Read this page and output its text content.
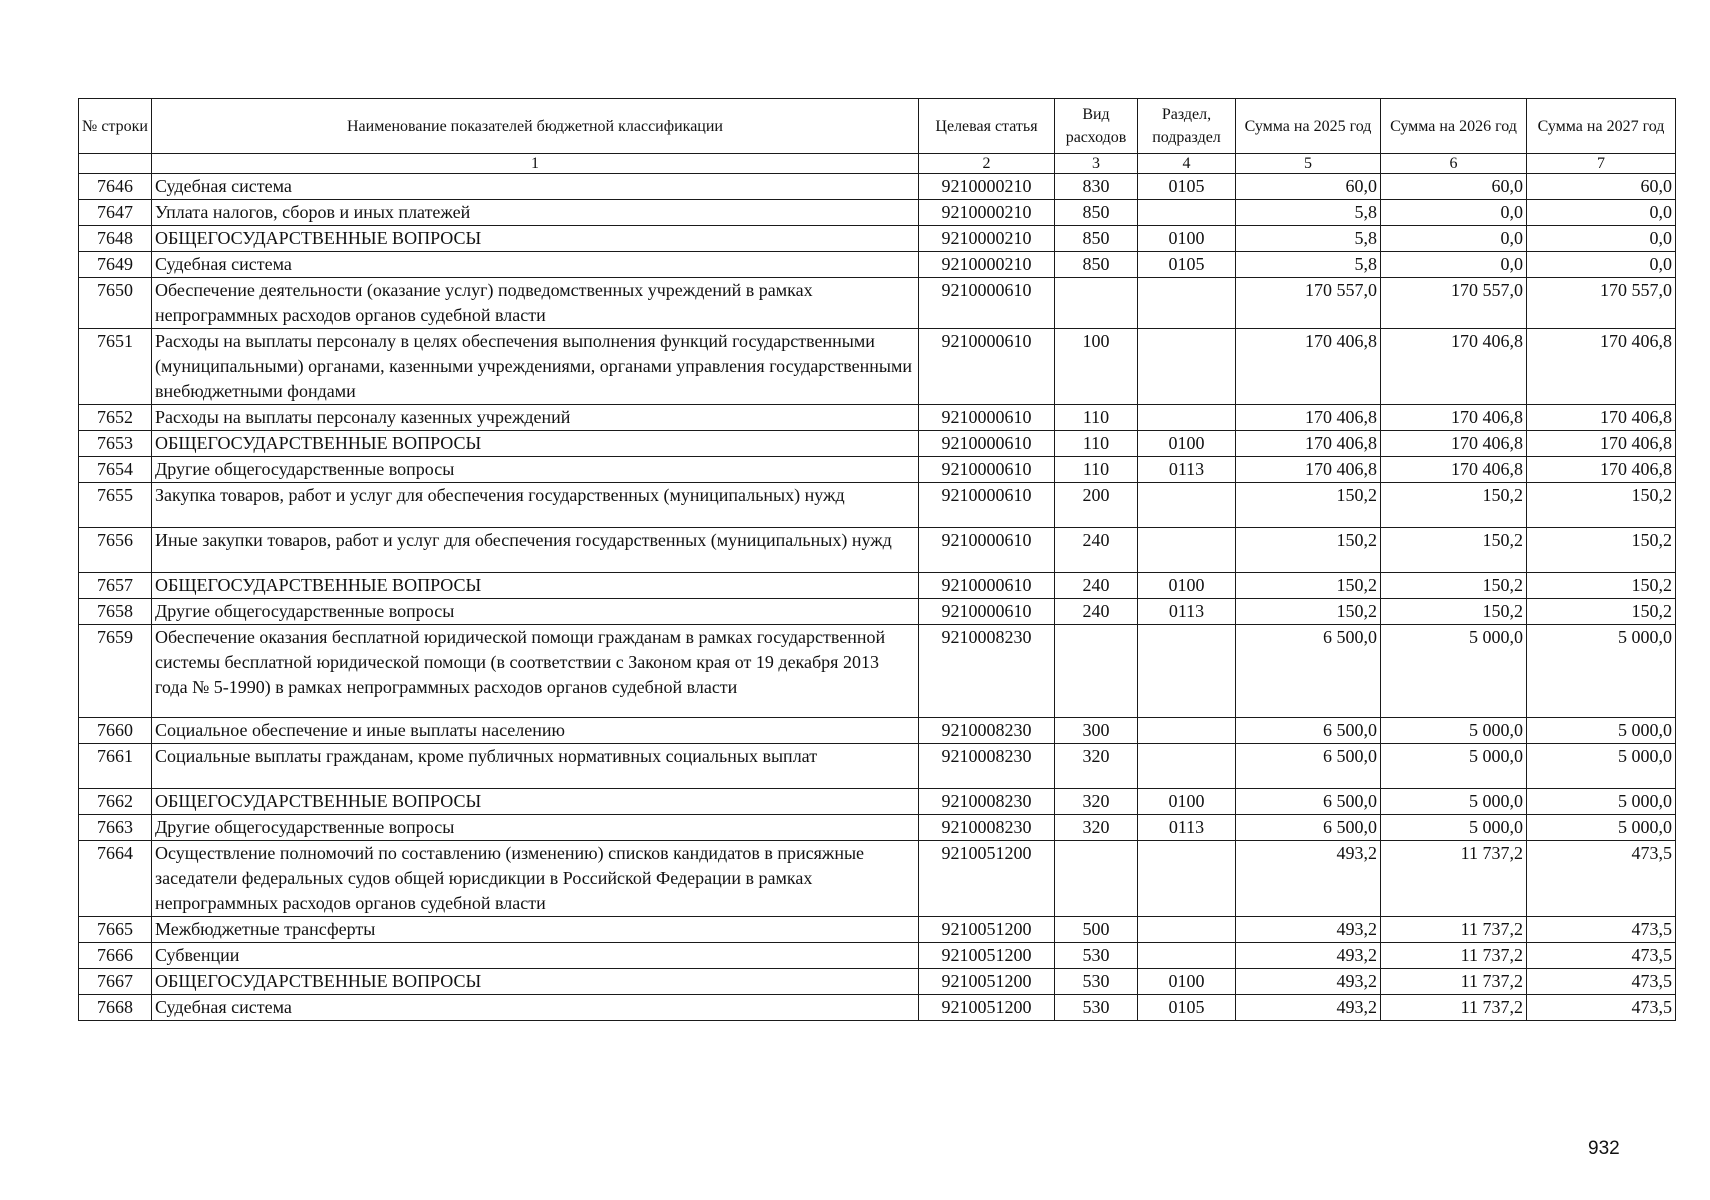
№ строки	Наименование показателей бюджетной классификации	Целевая статья	Вид расходов	Раздел, подраздел	Сумма на 2025 год	Сумма на 2026 год	Сумма на 2027 год
	1	2	3	4	5	6	7
7646	Судебная система	9210000210	830	0105	60,0	60,0	60,0
7647	Уплата налогов, сборов и иных платежей	9210000210	850		5,8	0,0	0,0
7648	ОБЩЕГОСУДАРСТВЕННЫЕ ВОПРОСЫ	9210000210	850	0100	5,8	0,0	0,0
7649	Судебная система	9210000210	850	0105	5,8	0,0	0,0
7650	Обеспечение деятельности (оказание услуг) подведомственных учреждений в рамках непрограммных расходов органов судебной власти	9210000610			170 557,0	170 557,0	170 557,0
7651	Расходы на выплаты персоналу в целях обеспечения выполнения функций государственными (муниципальными) органами, казенными учреждениями, органами управления государственными внебюджетными фондами	9210000610	100		170 406,8	170 406,8	170 406,8
7652	Расходы на выплаты персоналу казенных учреждений	9210000610	110		170 406,8	170 406,8	170 406,8
7653	ОБЩЕГОСУДАРСТВЕННЫЕ ВОПРОСЫ	9210000610	110	0100	170 406,8	170 406,8	170 406,8
7654	Другие общегосударственные вопросы	9210000610	110	0113	170 406,8	170 406,8	170 406,8
7655	Закупка товаров, работ и услуг для обеспечения государственных (муниципальных) нужд	9210000610	200		150,2	150,2	150,2
7656	Иные закупки товаров, работ и услуг для обеспечения государственных (муниципальных) нужд	9210000610	240		150,2	150,2	150,2
7657	ОБЩЕГОСУДАРСТВЕННЫЕ ВОПРОСЫ	9210000610	240	0100	150,2	150,2	150,2
7658	Другие общегосударственные вопросы	9210000610	240	0113	150,2	150,2	150,2
7659	Обеспечение оказания бесплатной юридической помощи гражданам в рамках государственной системы бесплатной юридической помощи (в соответствии с Законом края от 19 декабря 2013 года № 5-1990) в рамках непрограммных расходов органов судебной власти	9210008230			6 500,0	5 000,0	5 000,0
7660	Социальное обеспечение и иные выплаты населению	9210008230	300		6 500,0	5 000,0	5 000,0
7661	Социальные выплаты гражданам, кроме публичных нормативных социальных выплат	9210008230	320		6 500,0	5 000,0	5 000,0
7662	ОБЩЕГОСУДАРСТВЕННЫЕ ВОПРОСЫ	9210008230	320	0100	6 500,0	5 000,0	5 000,0
7663	Другие общегосударственные вопросы	9210008230	320	0113	6 500,0	5 000,0	5 000,0
7664	Осуществление полномочий по составлению (изменению) списков кандидатов в присяжные заседатели федеральных судов общей юрисдикции в Российской Федерации в рамках непрограммных расходов органов судебной власти	9210051200			493,2	11 737,2	473,5
7665	Межбюджетные трансферты	9210051200	500		493,2	11 737,2	473,5
7666	Субвенции	9210051200	530		493,2	11 737,2	473,5
7667	ОБЩЕГОСУДАРСТВЕННЫЕ ВОПРОСЫ	9210051200	530	0100	493,2	11 737,2	473,5
7668	Судебная система	9210051200	530	0105	493,2	11 737,2	473,5
932
